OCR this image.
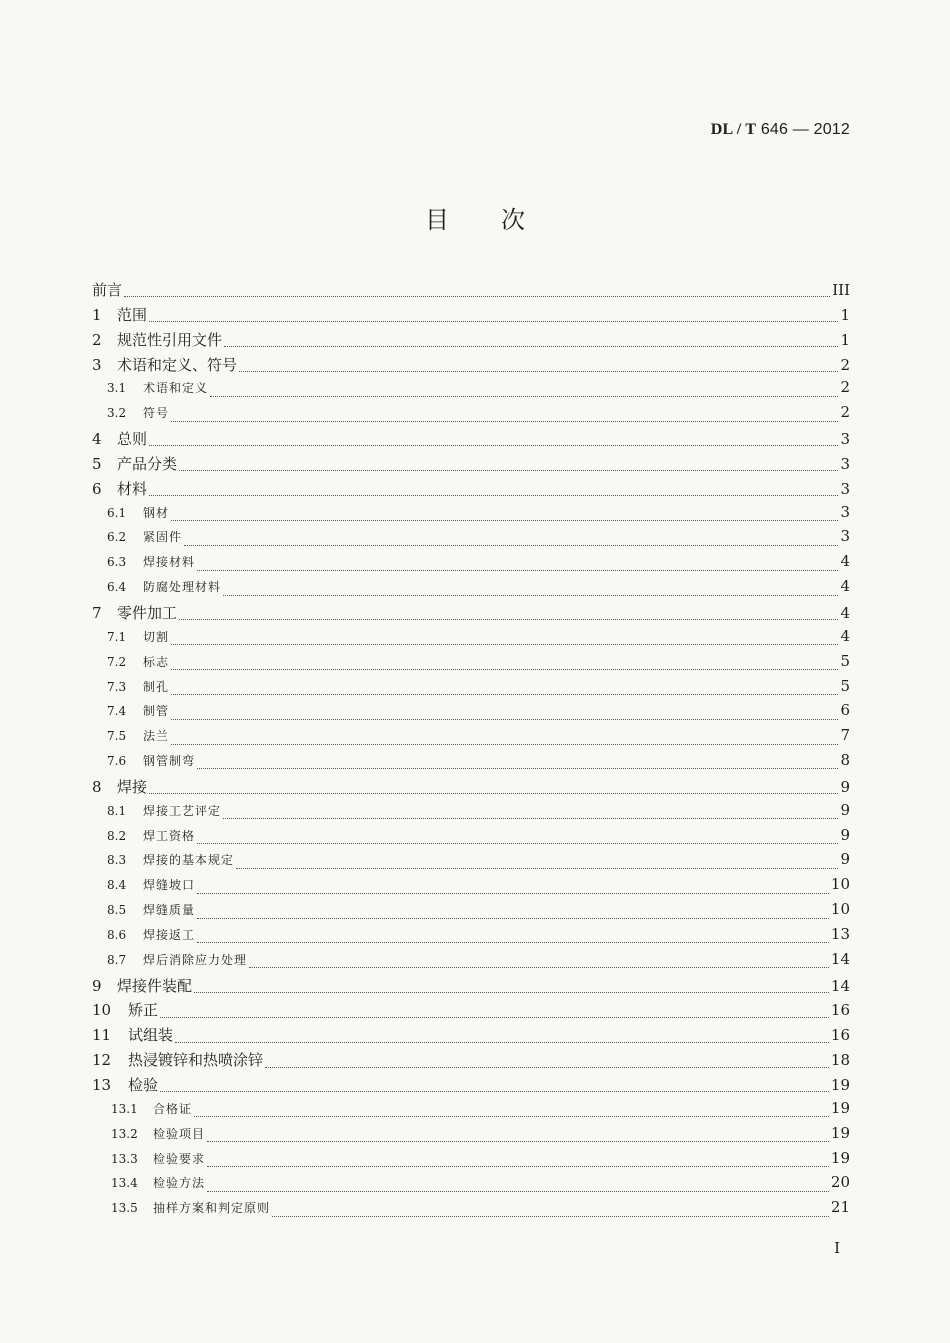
DL / T 646 — 2012
目次
前言	III
1	范围	1
2	规范性引用文件	1
3	术语和定义、符号	2
3.1	术语和定义	2
3.2	符号	2
4	总则	3
5	产品分类	3
6	材料	3
6.1	钢材	3
6.2	紧固件	3
6.3	焊接材料	4
6.4	防腐处理材料	4
7	零件加工	4
7.1	切割	4
7.2	标志	5
7.3	制孔	5
7.4	制管	6
7.5	法兰	7
7.6	钢管制弯	8
8	焊接	9
8.1	焊接工艺评定	9
8.2	焊工资格	9
8.3	焊接的基本规定	9
8.4	焊缝坡口	10
8.5	焊缝质量	10
8.6	焊接返工	13
8.7	焊后消除应力处理	14
9	焊接件装配	14
10	矫正	16
11	试组装	16
12	热浸镀锌和热喷涂锌	18
13	检验	19
13.1	合格证	19
13.2	检验项目	19
13.3	检验要求	19
13.4	检验方法	20
13.5	抽样方案和判定原则	21
I
